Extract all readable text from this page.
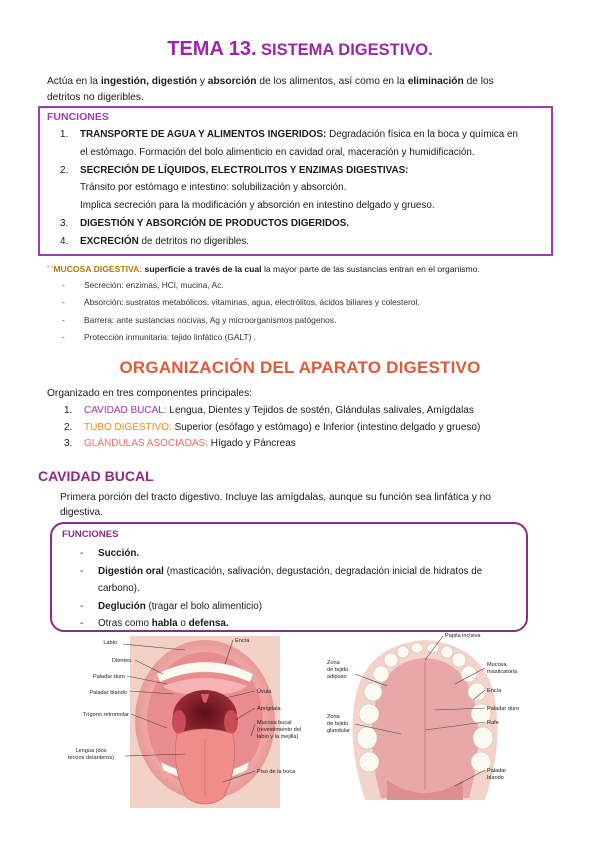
TEMA 13. SISTEMA DIGESTIVO.
Actúa en la ingestión, digestión y absorción de los alimentos, así como en la eliminación de los
detritos no digeribles.
FUNCIONES
1. TRANSPORTE DE AGUA Y ALIMENTOS INGERIDOS: Degradación física en la boca y química en
el estómago. Formación del bolo alimenticio en cavidad oral, maceración y humidificación.
2. SECRECIÓN DE LÍQUIDOS, ELECTROLITOS Y ENZIMAS DIGESTIVAS:
Tránsito por estómago e intestino: solubilización y absorción.
Implica secreción para la modificación y absorción en intestino delgado y grueso.
3. DIGESTIÓN Y ABSORCIÓN DE PRODUCTOS DIGERIDOS.
4. EXCRECIÓN de detritos no digeribles.
* *MUCOSA DIGESTIVA: superficie a través de la cual la mayor parte de las sustancias entran en el organismo.
- Secreción: enzimas, HCl, mucina, Ac.
- Absorción: sustratos metabólicos, vitaminas, agua, electrólitos, ácidos biliares y colesterol.
- Barrera: ante sustancias nocivas, Ag y microorganismos patógenos.
- Protección inmunitaria: tejido linfático (GALT) .
ORGANIZACIÓN DEL APARATO DIGESTIVO
Organizado en tres componentes principales:
1. CAVIDAD BUCAL: Lengua, Dientes y Tejidos de sostén, Glándulas salivales, Amígdalas
2. TUBO DIGESTIVO: Superior (esófago y estómago) e Inferior (intestino delgado y grueso)
3. GLÁNDULAS ASOCIADAS: Hígado y Páncreas
CAVIDAD BUCAL
Primera porción del tracto digestivo. Incluye las amígdalas, aunque su función sea linfática y no
digestiva.
FUNCIONES
- Succión.
- Digestión oral (masticación, salivación, degustación, degradación inicial de hidratos de
carbono).
- Deglución (tragar el bolo alimenticio)
- Otras como habla o defensa.
Labio	Encía
Dientes
Paladar duro
Paladar blando	Úvula
Trígono retromolar
Amígdala
Mucosa bucal
(revestimiento del
labio y la mejilla)
Lengua (dos
tercios delanteros)
Piso de la boca
Papila incisiva
Zona
de tejido
adiposo
Mucosa
masticatoria
Encía
Paladar duro
Zona
de tejido
glandular
Rafe
Paladar
blando
